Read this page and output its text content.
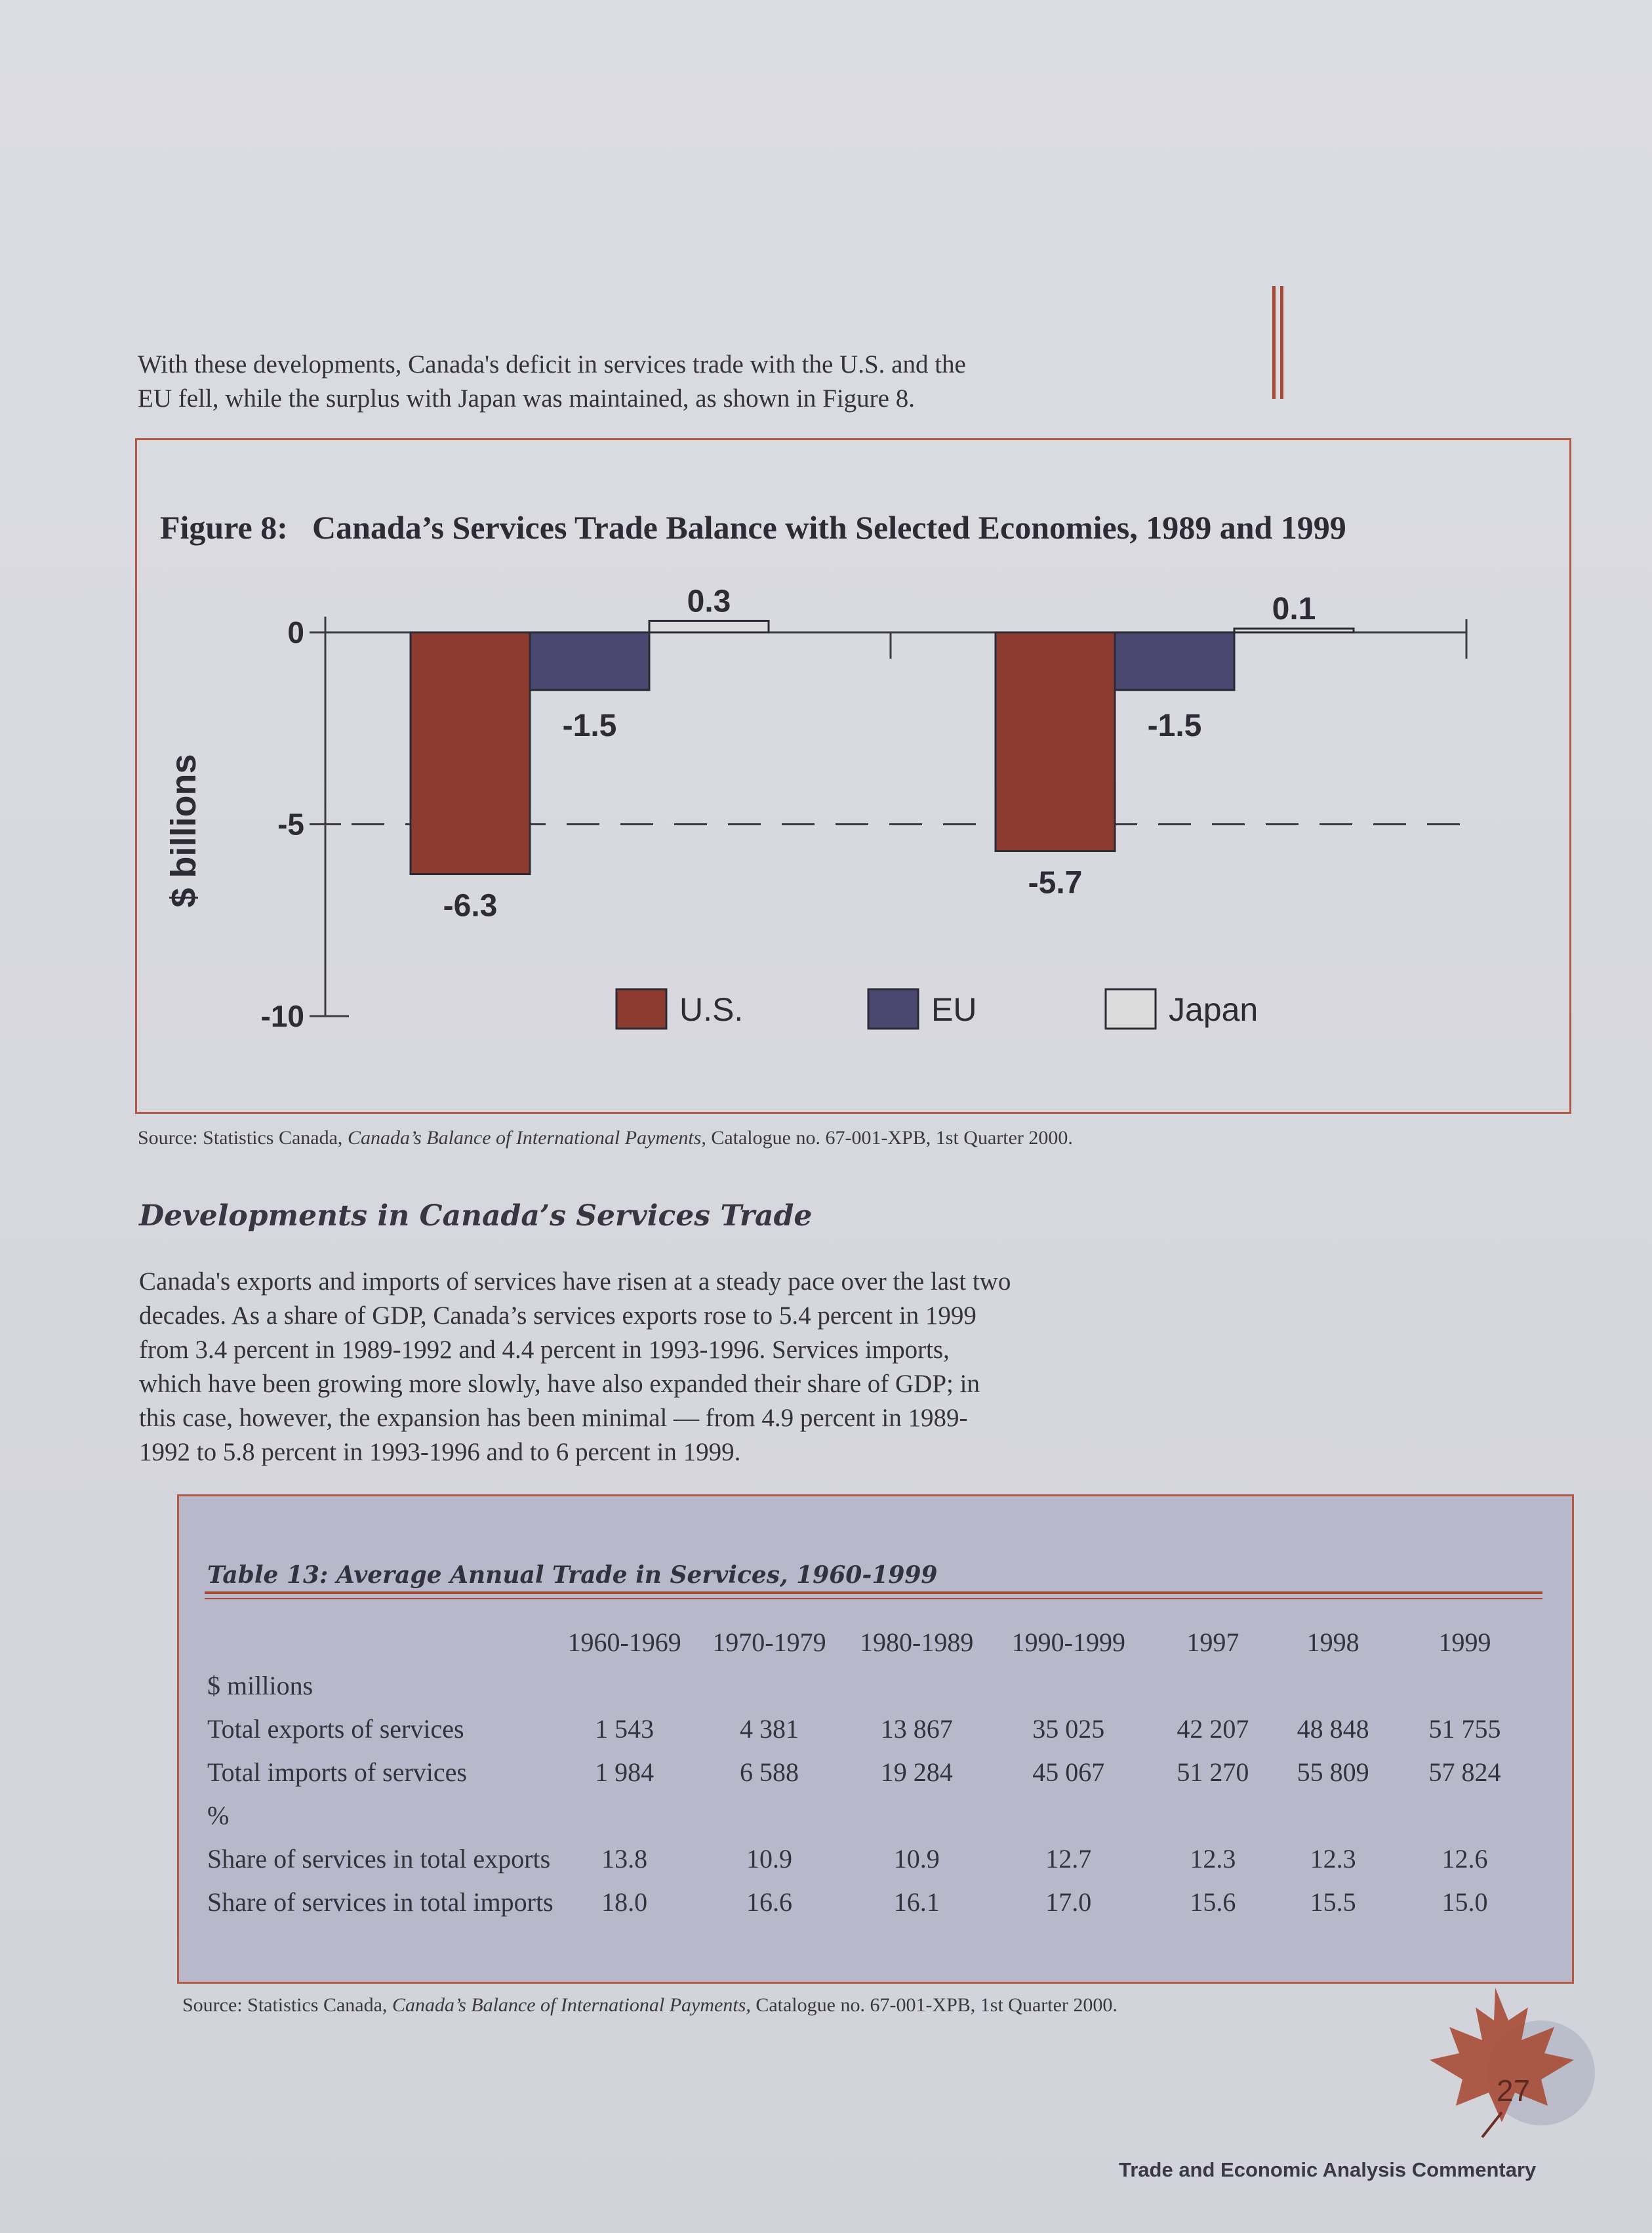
With these developments, Canada's deficit in services trade with the U.S. and the
EU fell, while the surplus with Japan was maintained, as shown in Figure 8.
Figure 8: Canada’s Services Trade Balance with Selected Economies, 1989 and 1999
0
-5
-10
$ billions	-6.3
-5.7
-1.5	-1.5
0.3	0.1
U.S.	EU	Japan
Source: Statistics Canada, Canada’s Balance of International Payments, Catalogue no. 67-001-XPB, 1st Quarter 2000.
Developments in Canada’s Services Trade
Canada's exports and imports of services have risen at a steady pace over the last two
decades. As a share of GDP, Canada’s services exports rose to 5.4 percent in 1999
from 3.4 percent in 1989-1992 and 4.4 percent in 1993-1996. Services imports,
which have been growing more slowly, have also expanded their share of GDP; in
this case, however, the expansion has been minimal — from 4.9 percent in 1989-
1992 to 5.8 percent in 1993-1996 and to 6 percent in 1999.
Table 13: Average Annual Trade in Services, 1960-1999
	1960-1969	1970-1979	1980-1989	1990-1999	1997	1998	1999
$ millions							
Total exports of services	1 543	4 381	13 867	35 025	42 207	48 848	51 755
Total imports of services	1 984	6 588	19 284	45 067	51 270	55 809	57 824
%							
Share of services in total exports	13.8	10.9	10.9	12.7	12.3	12.3	12.6
Share of services in total imports	18.0	16.6	16.1	17.0	15.6	15.5	15.0
Source: Statistics Canada, Canada’s Balance of International Payments, Catalogue no. 67-001-XPB, 1st Quarter 2000.
27
Trade and Economic Analysis Commentary
